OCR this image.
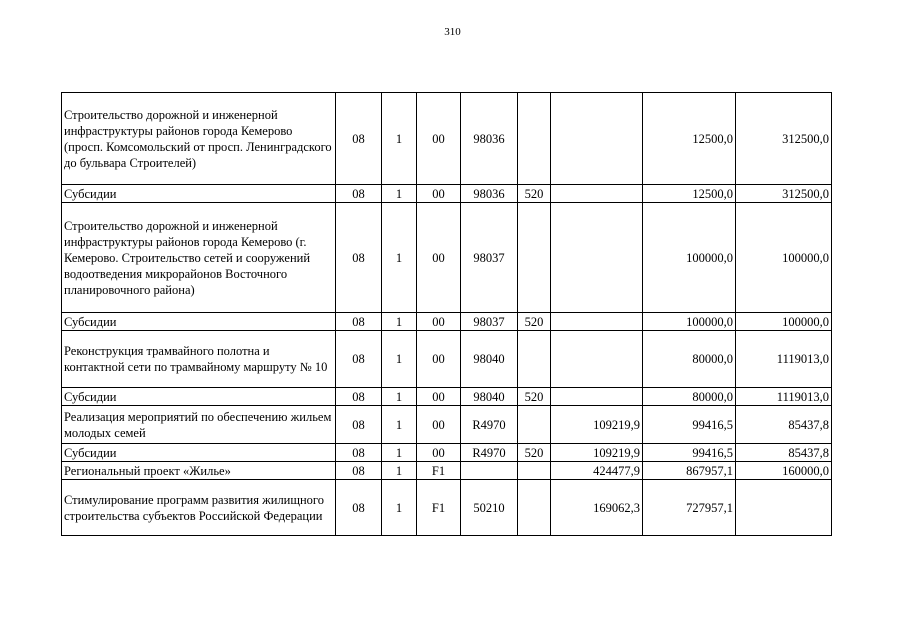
310
Строительство дорожной и инженерной инфраструктуры районов города Кемерово (просп. Комсомольский от просп. Ленинградского до бульвара Строителей)	08	1	00	98036			12500,0	312500,0
Субсидии	08	1	00	98036	520		12500,0	312500,0
Строительство дорожной и инженерной инфраструктуры районов города Кемерово (г. Кемерово. Строительство сетей и сооружений водоотведения микрорайонов Восточного планировочного района)	08	1	00	98037			100000,0	100000,0
Субсидии	08	1	00	98037	520		100000,0	100000,0
Реконструкция трамвайного полотна и контактной сети по трамвайному маршруту № 10	08	1	00	98040			80000,0	1119013,0
Субсидии	08	1	00	98040	520		80000,0	1119013,0
Реализация мероприятий по обеспечению жильем молодых семей	08	1	00	R4970		109219,9	99416,5	85437,8
Субсидии	08	1	00	R4970	520	109219,9	99416,5	85437,8
Региональный проект «Жилье»	08	1	F1			424477,9	867957,1	160000,0
Стимулирование программ развития жилищного строительства субъектов Российской Федерации	08	1	F1	50210		169062,3	727957,1	
